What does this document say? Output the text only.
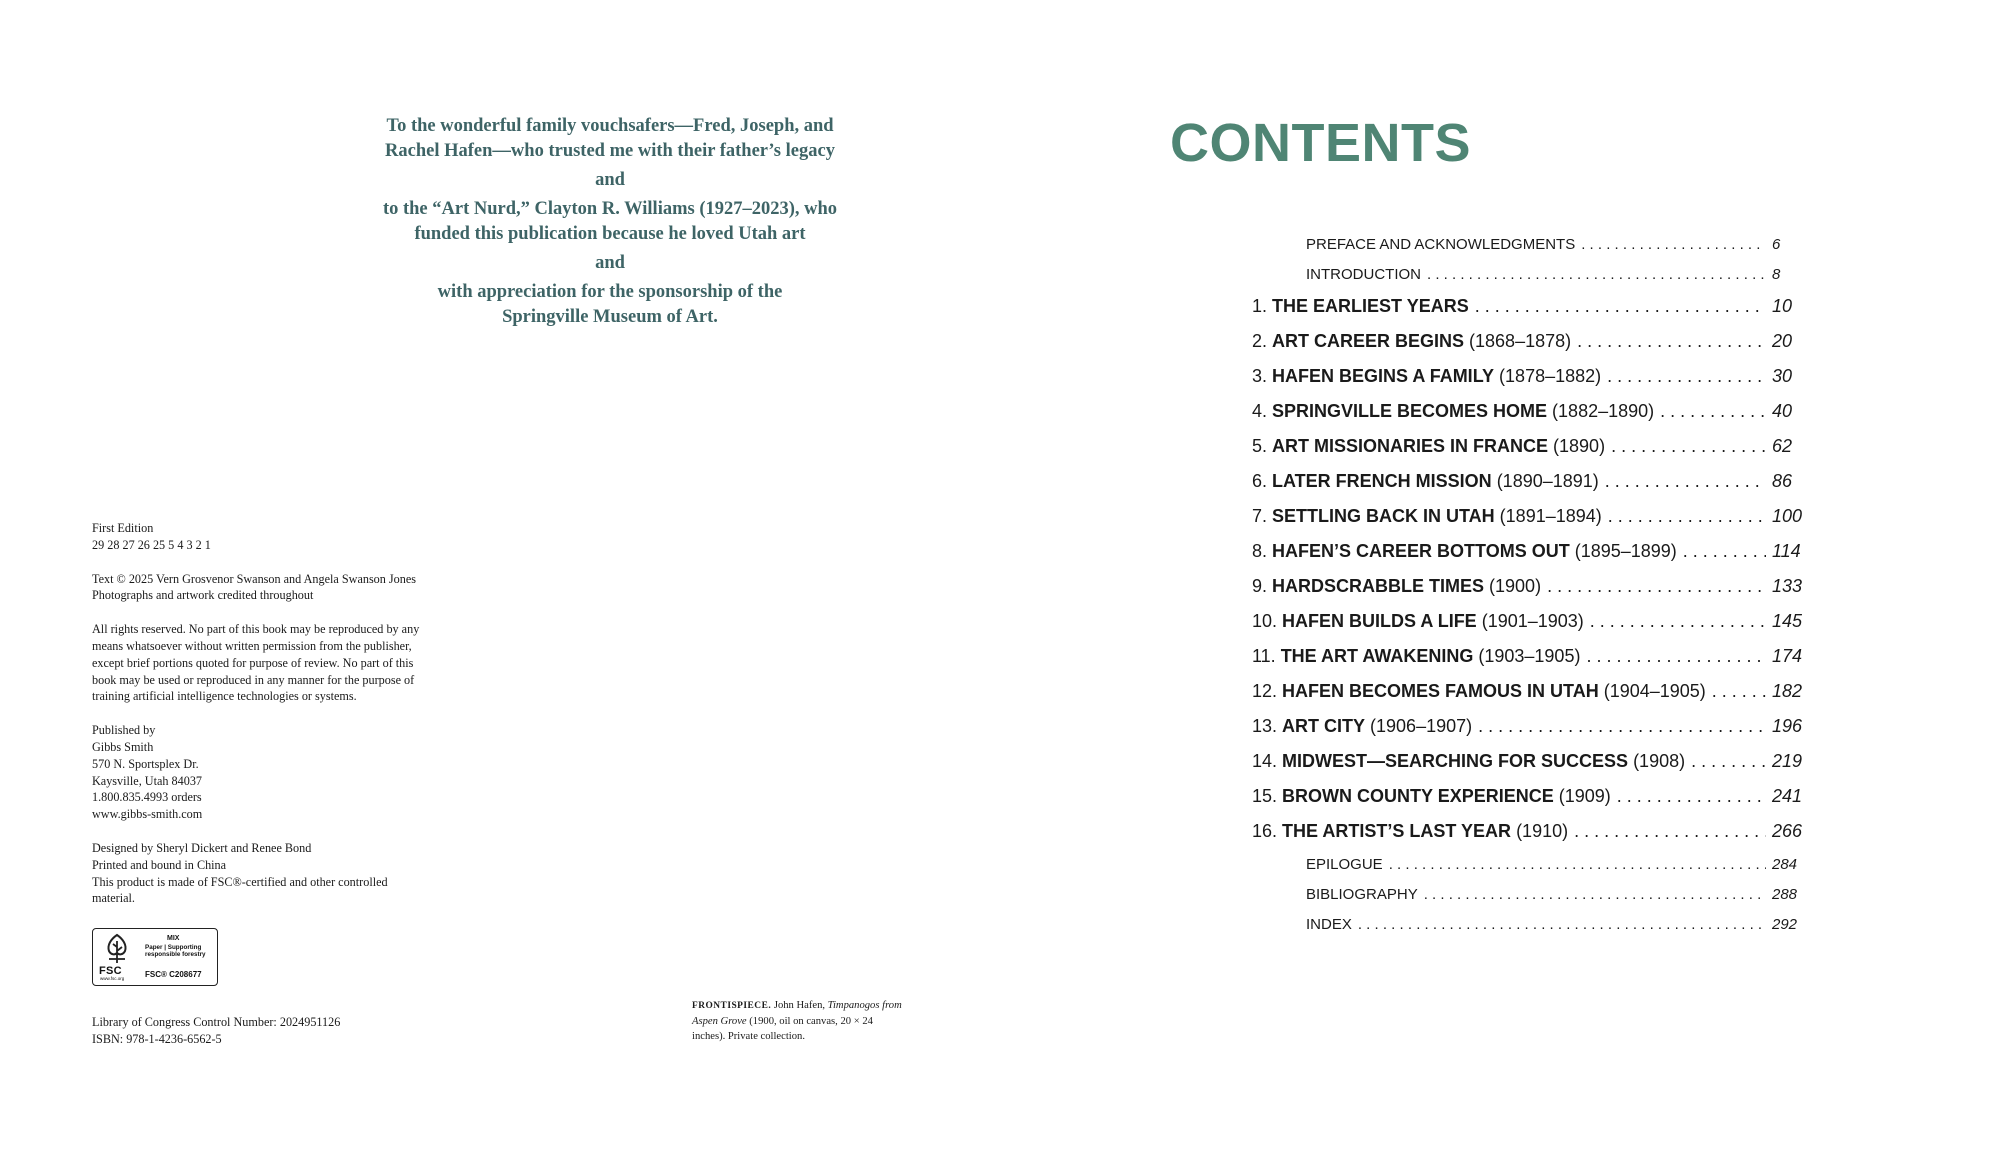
To the wonderful family vouchsafers—Fred, Joseph, and Rachel Hafen—who trusted me with their father’s legacy

and

to the “Art Nurd,” Clayton R. Williams (1927–2023), who funded this publication because he loved Utah art

and

with appreciation for the sponsorship of the Springville Museum of Art.

First Edition
29 28 27 26 25 5 4 3 2 1
Text © 2025 Vern Grosvenor Swanson and Angela Swanson Jones
Photographs and artwork credited throughout
All rights reserved. No part of this book may be reproduced by any
means whatsoever without written permission from the publisher,
except brief portions quoted for purpose of review. No part of this
book may be used or reproduced in any manner for the purpose of
training artificial intelligence technologies or systems.
Published by
Gibbs Smith
570 N. Sportsplex Dr.
Kaysville, Utah 84037
1.800.835.4993 orders
www.gibbs-smith.com
Designed by Sheryl Dickert and Renee Bond
Printed and bound in China
This product is made of FSC®-certified and other controlled
material.
FSC
www.fsc.org
MIX
Paper | Supporting responsible forestry
FSC® C208677
Library of Congress Control Number: 2024951126
ISBN: 978-1-4236-6562-5
FRONTISPIECE. John Hafen, Timpanogos from Aspen Grove (1900, oil on canvas, 20 × 24 inches). Private collection.
CONTENTS
PREFACE AND ACKNOWLEDGMENTS . . .	6
INTRODUCTION . . .	8
1. THE EARLIEST YEARS . . .	10
2. ART CAREER BEGINS (1868–1878) . . .	20
3. HAFEN BEGINS A FAMILY (1878–1882) . . .	30
4. SPRINGVILLE BECOMES HOME (1882–1890) . . .	40
5. ART MISSIONARIES IN FRANCE (1890) . . .	62
6. LATER FRENCH MISSION (1890–1891) . . .	86
7. SETTLING BACK IN UTAH (1891–1894) . . .	100
8. HAFEN’S CAREER BOTTOMS OUT (1895–1899) . . .	114
9. HARDSCRABBLE TIMES (1900) . . .	133
10. HAFEN BUILDS A LIFE (1901–1903) . . .	145
11. THE ART AWAKENING (1903–1905) . . .	174
12. HAFEN BECOMES FAMOUS IN UTAH (1904–1905) . . .	182
13. ART CITY (1906–1907) . . .	196
14. MIDWEST—SEARCHING FOR SUCCESS (1908) . . .	219
15. BROWN COUNTY EXPERIENCE (1909) . . .	241
16. THE ARTIST’S LAST YEAR (1910) . . .	266
EPILOGUE . . .	284
BIBLIOGRAPHY . . .	288
INDEX . . .	292
